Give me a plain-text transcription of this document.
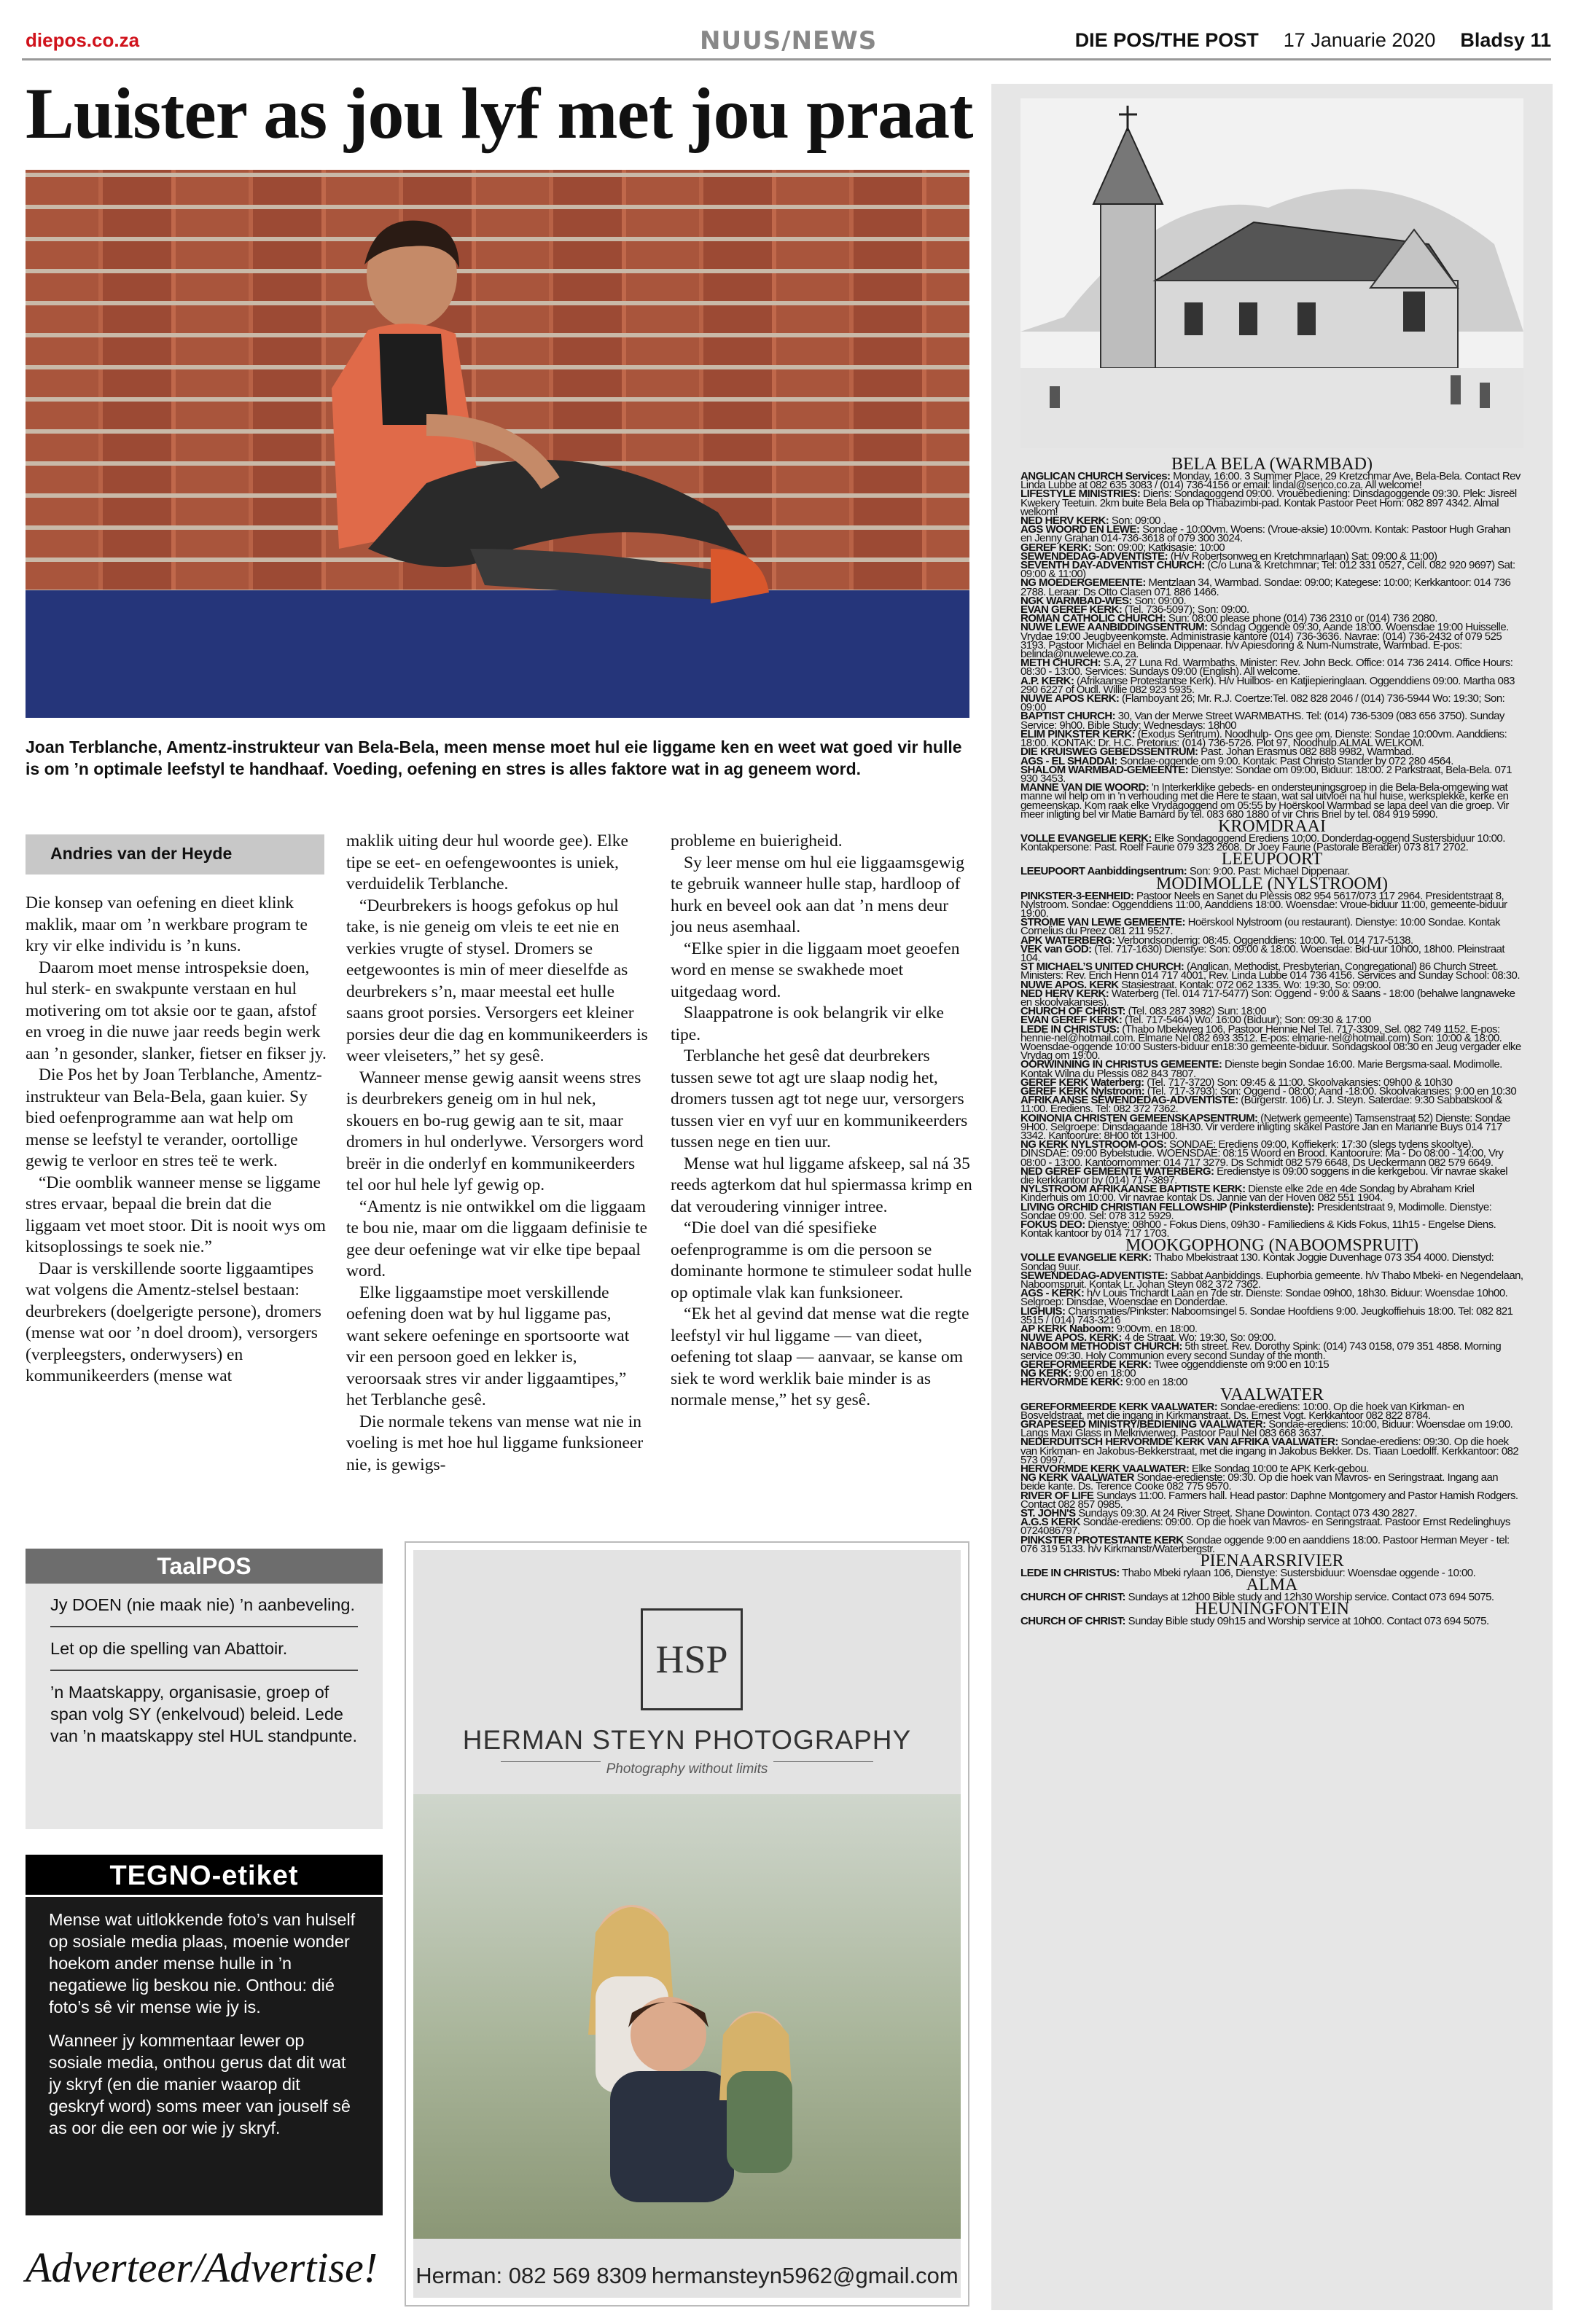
diepos.co.za	NUUS/NEWS	DIE POS/THE POST 17 Januarie 2020 Bladsy 11
Luister as jou lyf met jou praat

Joan Terblanche, Amentz-instrukteur van Bela-Bela, meen mense moet hul eie liggame ken en weet wat goed vir hulle is om ’n optimale leefstyl te handhaaf. Voeding, oefening en stres is alles faktore wat in ag geneem word.

Andries van der Heyde

Die konsep van oefening en dieet klink maklik, maar om ’n werkbare program te kry vir elke individu is ’n kuns.

Daarom moet mense introspeksie doen, hul sterk- en swakpunte verstaan en hul motivering om tot aksie oor te gaan, afstof en vroeg in die nuwe jaar reeds begin werk aan ’n gesonder, slanker, fietser en fikser jy.

Die Pos het by Joan Terblanche, Amentz-instrukteur van Bela-Bela, gaan kuier. Sy bied oefenprogramme aan wat help om mense se leefstyl te verander, oortollige gewig te verloor en stres teë te werk.

“Die oomblik wanneer mense se liggame stres ervaar, bepaal die brein dat die liggaam vet moet stoor. Dit is nooit wys om kitsoplossings te soek nie.”

Daar is verskillende soorte liggaamtipes wat volgens die Amentz-stelsel bestaan: deurbrekers (doelgerigte persone), dromers (mense wat oor ’n doel droom), versorgers (verpleegsters, onderwysers) en kommunikeerders (mense wat

maklik uiting deur hul woorde gee). Elke tipe se eet- en oefengewoontes is uniek, verduidelik Terblanche.

“Deurbrekers is hoogs gefokus op hul take, is nie geneig om vleis te eet nie en verkies vrugte of stysel. Dromers se eetgewoontes is min of meer dieselfde as deurbrekers s’n, maar meestal eet hulle saans groot porsies. Versorgers eet kleiner porsies deur die dag en kommunikeerders is weer vleiseters,” het sy gesê.

Wanneer mense gewig aansit weens stres is deurbrekers geneig om in hul nek, skouers en bo-rug gewig aan te sit, maar dromers in hul onderlywe. Versorgers word breër in die onderlyf en kommunikeerders tel oor hul hele lyf gewig op.

“Amentz is nie ontwikkel om die liggaam te bou nie, maar om die liggaam definisie te gee deur oefeninge wat vir elke tipe bepaal word.

Elke liggaamstipe moet verskillende oefening doen wat by hul liggame pas, want sekere oefeninge en sportsoorte wat vir een persoon goed en lekker is, veroorsaak stres vir ander liggaamtipes,” het Terblanche gesê.

Die normale tekens van mense wat nie in voeling is met hoe hul liggame funksioneer nie, is gewigs-

probleme en buierigheid.

Sy leer mense om hul eie liggaamsgewig te gebruik wanneer hulle stap, hardloop of hurk en beveel ook aan dat ’n mens deur jou neus asemhaal.

“Elke spier in die liggaam moet geoefen word en mense se swakhede moet uitgedaag word.

Slaappatrone is ook belangrik vir elke tipe.

Terblanche het gesê dat deurbrekers tussen sewe tot agt ure slaap nodig het, dromers tussen agt tot nege uur, versorgers tussen vier en vyf uur en kommunikeerders tussen nege en tien uur.

Mense wat hul liggame afskeep, sal ná 35 reeds agterkom dat hul spiermassa krimp en dat veroudering vinniger intree.

“Die doel van dié spesifieke oefenprogramme is om die persoon se dominante hormone te stimuleer sodat hulle op optimale vlak kan funksioneer.

“Ek het al gevind dat mense wat die regte leefstyl vir hul liggame — van dieet, oefening tot slaap — aanvaar, se kanse om siek te word werklik baie minder is as normale mense,” het sy gesê.

TaalPOS
Jy DOEN (nie maak nie) ’n aanbeveling.
Let op die spelling van Abattoir.
’n Maatskappy, organisasie, groep of span volg SY (enkelvoud) beleid. Lede van ’n maatskappy stel HUL standpunte.
TEGNO-etiket

Mense wat uitlokkende foto’s van hulself op sosiale media plaas, moenie wonder hoekom ander mense hulle in ’n negatiewe lig beskou nie. Onthou: dié foto’s sê vir mense wie jy is.

Wanneer jy kommentaar lewer op sosiale media, onthou gerus dat dit wat jy skryf (en die manier waarop dit geskryf word) soms meer van jouself sê as oor die een oor wie jy skryf.

Adverteer/Advertise!
HSP
HERMAN STEYN PHOTOGRAPHY
Photography without limits
Herman: 082 569 8309 hermansteyn5962@gmail.com
BELA BELA (WARMBAD)
ANGLICAN CHURCH Services: Monday, 16:00. 3 Summer Place, 29 Kretzchmar Ave, Bela-Bela. Contact Rev Linda Lubbe at 082 635 3083 / (014) 736-4156 or email: lindal@senco.co.za. All welcome!
LIFESTYLE MINISTRIES: Diens: Sondagoggend 09:00. Vrouebediening: Dinsdagoggende 09:30. Plek: Jisreël Kwekery Teetuin. 2km buite Bela Bela op Thabazimbi-pad. Kontak Pastoor Peet Horn: 082 897 4342. Almal welkom!
NED HERV KERK: Son: 09:00 .
AGS WOORD EN LEWE: Sondae - 10:00vm. Woens: (Vroue-aksie) 10:00vm. Kontak: Pastoor Hugh Grahan en Jenny Grahan 014-736-3618 of 079 300 3024.
GEREF KERK: Son: 09:00; Katkisasie: 10:00
SEWENDEDAG-ADVENTISTE: (H/v Robertsonweg en Kretchmnarlaan) Sat: 09:00 & 11:00)
SEVENTH DAY-ADVENTIST CHURCH: (C/o Luna & Kretchmnar; Tel: 012 331 0527, Cell. 082 920 9697) Sat: 09:00 & 11:00)
NG MOEDERGEMEENTE: Mentzlaan 34, Warmbad. Sondae: 09:00; Kategese: 10:00; Kerkkantoor: 014 736 2788. Leraar: Ds Otto Clasen 071 886 1466.
NGK WARMBAD-WES: Son: 09:00.
EVAN GEREF KERK: (Tel. 736-5097); Son: 09:00.
ROMAN CATHOLIC CHURCH: Sun: 08:00 please phone (014) 736 2310 or (014) 736 2080.
NUWE LEWE AANBIDDINGSENTRUM: Sondag Oggende 09:30, Aande 18:00. Woensdae 19:00 Huisselle. Vrydae 19:00 Jeugbyeenkomste. Administrasie kantore (014) 736-3636. Navrae: (014) 736-2432 of 079 525 3193. Pastoor Michael en Belinda Dippenaar. h/v Apiesdoring & Num-Numstrate, Warmbad. E-pos: belinda@nuwelewe.co.za.
METH CHURCH: S.A, 27 Luna Rd. Warmbaths. Minister: Rev. John Beck. Office: 014 736 2414. Office Hours: 08:30 - 13:00. Services: Sundays 09:00 (English). All welcome.
A.P. KERK: (Afrikaanse Protestantse Kerk). H/v Huilbos- en Katjiepieringlaan. Oggenddiens 09:00. Martha 083 290 6227 of Oudl. Willie 082 923 5935.
NUWE APOS KERK: (Flamboyant 26; Mr. R.J. Coertze:Tel. 082 828 2046 / (014) 736-5944 Wo: 19:30; Son: 09:00
BAPTIST CHURCH: 30, Van der Merwe Street WARMBATHS. Tel: (014) 736-5309 (083 656 3750). Sunday Service: 9h00. Bible Study: Wednesdays: 18h00
ELIM PINKSTER KERK: (Exodus Sentrum). Noodhulp- Ons gee om. Dienste: Sondae 10:00vm. Aanddiens: 18:00. KONTAK: Dr. H.C. Pretorius: (014) 736-5726. Plot 97, Noodhulp.ALMAL WELKOM.
DIE KRUISWEG GEBEDSSENTRUM: Past. Johan Erasmus 082 888 9982, Warmbad.
AGS - EL SHADDAI: Sondae-oggende om 9:00. Kontak: Past Christo Stander by 072 280 4564.
SHALOM WARMBAD-GEMEENTE: Dienstye: Sondae om 09:00, Biduur: 18:00. 2 Parkstraat, Bela-Bela. 071 930 3453.
MANNE VAN DIE WOORD: 'n Interkerklike gebeds- en ondersteuningsgroep in die Bela-Bela-omgewing wat manne wil help om in 'n verhouding met die Here te staan, wat sal uitvloei na hul huise, werksplekke, kerke en gemeenskap. Kom raak elke Vrydagoggend om 05:55 by Hoërskool Warmbad se lapa deel van die groep. Vir meer inligting bel vir Matie Barnard by tel. 083 680 1880 of vir Chris Briel by tel. 084 919 5990.
KROMDRAAI
VOLLE EVANGELIE KERK: Elke Sondagoggend Erediens 10:00. Donderdag-oggend Sustersbiduur 10:00. Kontakpersone: Past. Roelf Faurie 079 323 2608. Dr Joey Faurie (Pastorale Berader) 073 817 2702.
LEEUPOORT
LEEUPOORT Aanbiddingsentrum: Son: 9:00. Past: Michael Dippenaar.
MODIMOLLE (NYLSTROOM)
PINKSTER-3-EENHEID: Pastoor Neels en Sanet du Plessis 082 954 5617/073 117 2964. Presidentstraat 8, Nylstroom. Sondae: Oggenddiens 11:00, Aanddiens 18:00. Woensdae: Vroue-biduur 11:00, gemeente-biduur 19:00.
STROME VAN LEWE GEMEENTE: Hoërskool Nylstroom (ou restaurant). Dienstye: 10:00 Sondae. Kontak Cornelius du Preez 081 211 9527.
APK WATERBERG: Verbondsonderrig: 08:45. Oggenddiens: 10:00. Tel. 014 717-5138.
VEK van GOD: (Tel. 717-1630) Dienstye: Son: 09:00 & 18:00. Woensdae: Bid-uur 10h00, 18h00. Pleinstraat 104.
ST MICHAEL’S UNITED CHURCH: (Anglican, Methodist, Presbyterian, Congregational) 86 Church Street. Ministers: Rev. Erich Henn 014 717 4001, Rev. Linda Lubbe 014 736 4156. Services and Sunday School: 08:30.
NUWE APOS. KERK Stasiestraat. Kontak: 072 062 1335. Wo: 19:30, So: 09:00.
NED HERV KERK: Waterberg (Tel. 014 717-5477) Son: Oggend - 9:00 & Saans - 18:00 (behalwe langnaweke en skoolvakansies).
CHURCH OF CHRIST: (Tel. 083 287 3982) Sun: 18:00
EVAN GEREF KERK: (Tel. 717-5464) Wo: 16:00 (Biduur); Son: 09:30 & 17:00
LEDE IN CHRISTUS: (Thabo Mbekiweg 106, Pastoor Hennie Nel Tel. 717-3309, Sel. 082 749 1152. E-pos: hennie-nel@hotmail.com. Elmarie Nel 082 693 3512. E-pos: elmarie-nel@hotmail.com) Son: 10:00 & 18:00. Woensdae-oggende 10:00 Susters-biduur en18:30 gemeente-biduur. Sondagskool 08:30 en Jeug vergader elke Vrydag om 19:00.
OORWINNING IN CHRISTUS GEMEENTE: Dienste begin Sondae 16:00. Marie Bergsma-saal. Modimolle. Kontak Wilna du Plessis 082 843 7807.
GEREF KERK Waterberg: (Tel. 717-3720) Son: 09:45 & 11:00. Skoolvakansies: 09h00 & 10h30
GEREF KERK Nylstroom: (Tel. 717-3793): Son: Oggend - 08:00; Aand -18:00. Skoolvakansies: 9:00 en 10:30
AFRIKAANSE SEWENDEDAG-ADVENTISTE: (Burgerstr. 106) Lr. J. Steyn. Saterdae: 9:30 Sabbatskool & 11:00. Erediens. Tel: 082 372 7362.
KOINONIA CHRISTEN GEMEENSKAPSENTRUM: (Netwerk gemeente) Tamsenstraat 52) Dienste: Sondae 9H00. Selgroepe: Dinsdagaande 18H30. Vir verdere inligting skakel Pastore Jan en Marianne Buys 014 717 3342. Kantoorure: 8H00 tot 13H00.
NG KERK NYLSTROOM-OOS: SONDAE: Erediens 09:00, Koffiekerk: 17:30 (slegs tydens skooltye). DINSDAE: 09:00 Bybelstudie. WOENSDAE: 08:15 Woord en Brood. Kantoorure: Ma - Do 08:00 - 14:00, Vry 08:00 - 13:00. Kantoornommer: 014 717 3279. Ds Schmidt 082 579 6648, Ds Ueckermann 082 579 6649.
NED GEREF GEMEENTE WATERBERG: Eredienstye is 09:00 soggens in die kerkgebou. Vir navrae skakel die kerkkantoor by (014) 717-3897.
NYLSTROOM AFRIKAANSE BAPTISTE KERK: Dienste elke 2de en 4de Sondag by Abraham Kriel Kinderhuis om 10:00. Vir navrae kontak Ds. Jannie van der Hoven 082 551 1904.
LIVING ORCHID CHRISTIAN FELLOWSHIP (Pinksterdienste): Presidentstraat 9, Modimolle. Dienstye: Sondae 09:00. Sel: 078 312 5929.
FOKUS DEO: Dienstye: 08h00 - Fokus Diens, 09h30 - Familiediens & Kids Fokus, 11h15 - Engelse Diens. Kontak kantoor by 014 717 1703.
MOOKGOPHONG (NABOOMSPRUIT)
VOLLE EVANGELIE KERK: Thabo Mbekistraat 130. Kontak Joggie Duvenhage 073 354 4000. Dienstyd: Sondag 9uur.
SEWENDEDAG-ADVENTISTE: Sabbat Aanbiddings. Euphorbia gemeente. h/v Thabo Mbeki- en Negendelaan, Naboomspruit. Kontak Lr. Johan Steyn 082 372 7362.
AGS - KERK: h/v Louis Trichardt Laan en 7de str. Dienste: Sondae 09h00, 18h30. Biduur: Woensdae 10h00. Selgroep: Dinsdae, Woensdae en Donderdae.
LIGHUIS: Charismaties/Pinkster: Naboomsingel 5. Sondae Hoofdiens 9:00. Jeugkoffiehuis 18:00. Tel: 082 821 3515 / (014) 743-3216
AP KERK Naboom: 9:00vm. en 18:00.
NUWE APOS. KERK: 4 de Straat. Wo: 19:30, So: 09:00.
NABOOM METHODIST CHURCH: 5th street. Rev. Dorothy Spink: (014) 743 0158, 079 351 4858. Morning service 09:30. Holy Communion every second Sunday of the month.
GEREFORMEERDE KERK: Twee oggenddienste om 9:00 en 10:15
NG KERK: 9:00 en 18:00
HERVORMDE KERK: 9:00 en 18:00
VAALWATER
GEREFORMEERDE KERK VAALWATER: Sondae-erediens: 10:00. Op die hoek van Kirkman- en Bosveldstraat, met die ingang in Kirkmanstraat. Ds. Ernest Vogt. Kerkkantoor 082 822 8784.
GRAPESEED MINISTRY/BEDIENING VAALWATER: Sondae-erediens: 10:00, Biduur: Woensdae om 19:00. Langs Maxi Glass in Melkrivierweg. Pastoor Paul Nel 083 668 3637.
NEDERDUITSCH HERVORMDE KERK VAN AFRIKA VAALWATER: Sondae-erediens: 09:30. Op die hoek van Kirkman- en Jakobus-Bekkerstraat, met die ingang in Jakobus Bekker. Ds. Tiaan Loedolff. Kerkkantoor: 082 573 0997.
HERVORMDE KERK VAALWATER: Elke Sondag 10:00 te APK Kerk-gebou.
NG KERK VAALWATER Sondae-eredienste: 09:30. Op die hoek van Mavros- en Seringstraat. Ingang aan beide kante. Ds. Terence Cooke 082 775 9570.
RIVER OF LIFE Sundays 11:00. Farmers hall. Head pastor: Daphne Montgomery and Pastor Hamish Rodgers. Contact 082 857 0985.
ST. JOHN'S Sundays 09:30. At 24 River Street. Shane Dowinton. Contact 073 430 2827.
A.G.S KERK Sondae-erediens: 09:00. Op die hoek van Mavros- en Seringstraat. Pastoor Ernst Redelinghuys 0724086797.
PINKSTER PROTESTANTE KERK Sondae oggende 9:00 en aanddiens 18:00. Pastoor Herman Meyer - tel: 076 319 5133. h/v Kirkmanstr/Waterbergstr.
PIENAARSRIVIER
LEDE IN CHRISTUS: Thabo Mbeki rylaan 106, Dienstye: Sustersbiduur: Woensdae oggende - 10:00.
ALMA
CHURCH OF CHRIST: Sundays at 12h00 Bible study and 12h30 Worship service. Contact 073 694 5075.
HEUNINGFONTEIN
CHURCH OF CHRIST: Sunday Bible study 09h15 and Worship service at 10h00. Contact 073 694 5075.
